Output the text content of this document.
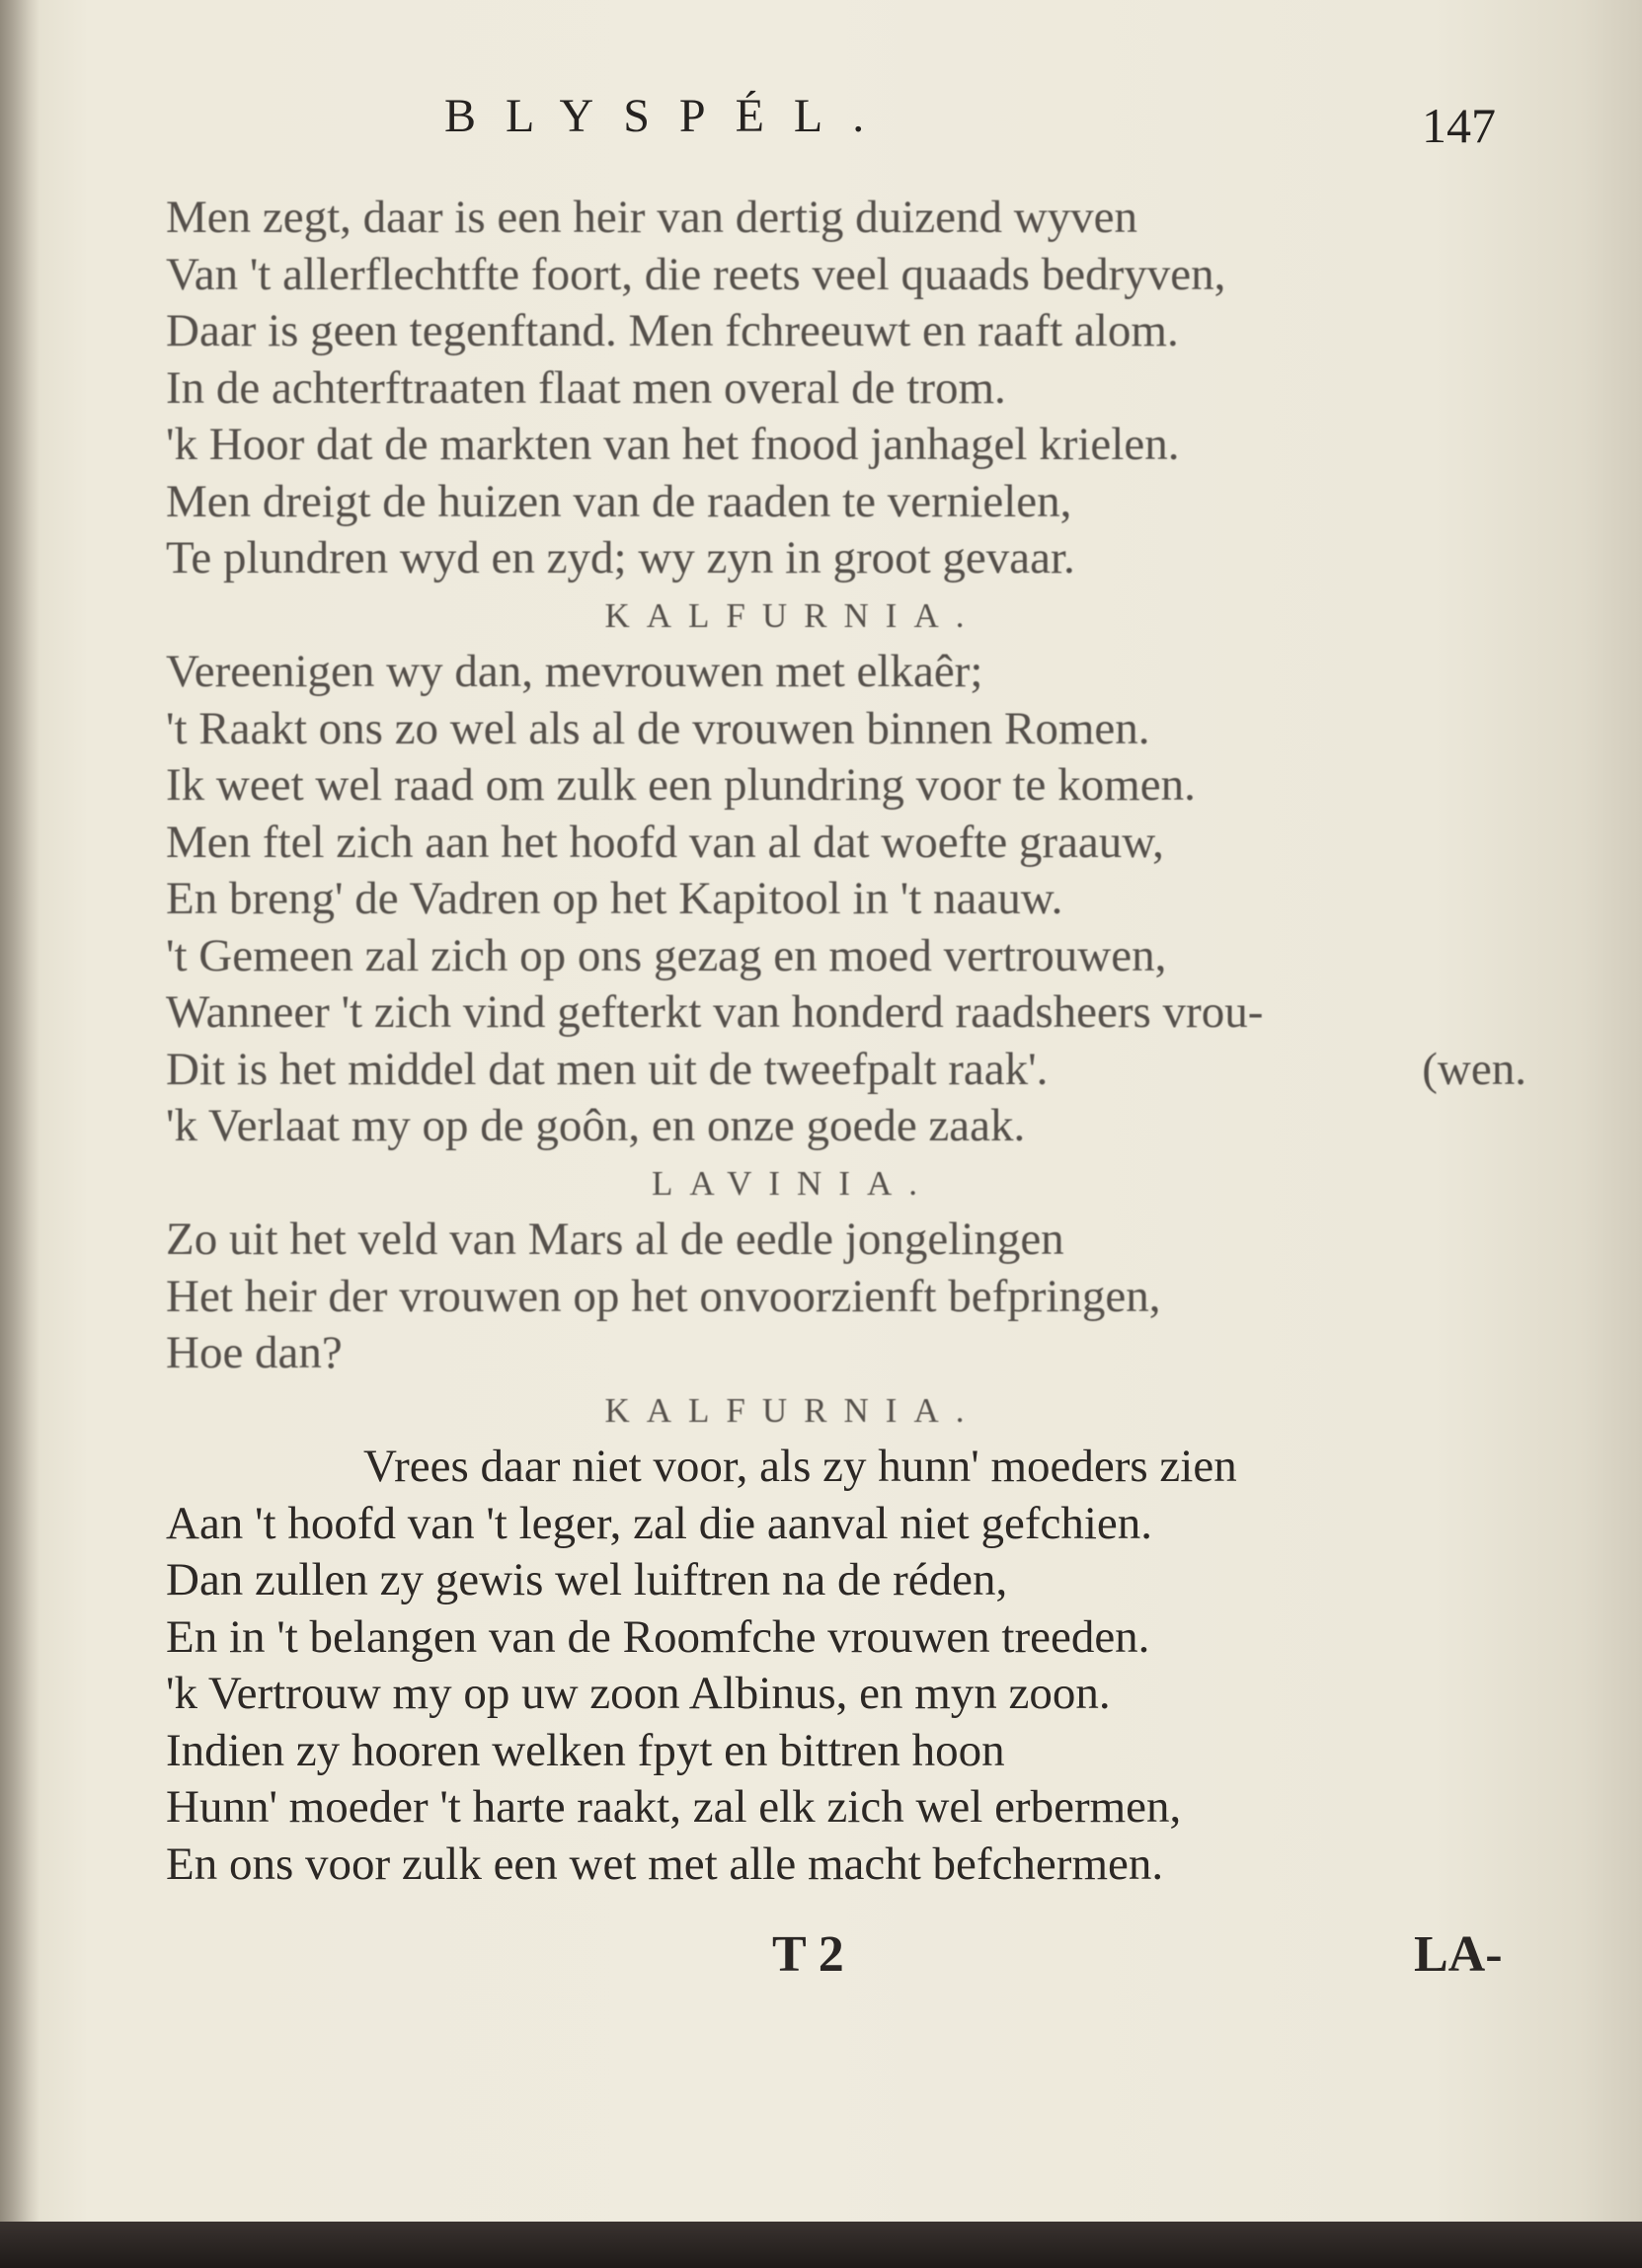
BLYSPÉL.	147
Men zegt, daar is een heir van dertig duizend wyven
Van 't allerflechtfte foort, die reets veel quaads bedryven,
Daar is geen tegenftand. Men fchreeuwt en raaft alom.
In de achterftraaten flaat men overal de trom.
'k Hoor dat de markten van het fnood janhagel krielen.
Men dreigt de huizen van de raaden te vernielen,
Te plundren wyd en zyd; wy zyn in groot gevaar.
KALFURNIA.
Vereenigen wy dan, mevrouwen met elkaêr;
't Raakt ons zo wel als al de vrouwen binnen Romen.
Ik weet wel raad om zulk een plundring voor te komen.
Men ftel zich aan het hoofd van al dat woefte graauw,
En breng' de Vadren op het Kapitool in 't naauw.
't Gemeen zal zich op ons gezag en moed vertrouwen,
Wanneer 't zich vind gefterkt van honderd raadsheers vrou-
Dit is het middel dat men uit de tweefpalt raak'.	(wen.
'k Verlaat my op de goôn, en onze goede zaak.
LAVINIA.
Zo uit het veld van Mars al de eedle jongelingen
Het heir der vrouwen op het onvoorzienft befpringen,
Hoe dan?
KALFURNIA.
Vrees daar niet voor, als zy hunn' moeders zien
Aan 't hoofd van 't leger, zal die aanval niet gefchien.
Dan zullen zy gewis wel luiftren na de réden,
En in 't belangen van de Roomfche vrouwen treeden.
'k Vertrouw my op uw zoon Albinus, en myn zoon.
Indien zy hooren welken fpyt en bittren hoon
Hunn' moeder 't harte raakt, zal elk zich wel erbermen,
En ons voor zulk een wet met alle macht befchermen.
T 2	LA-
